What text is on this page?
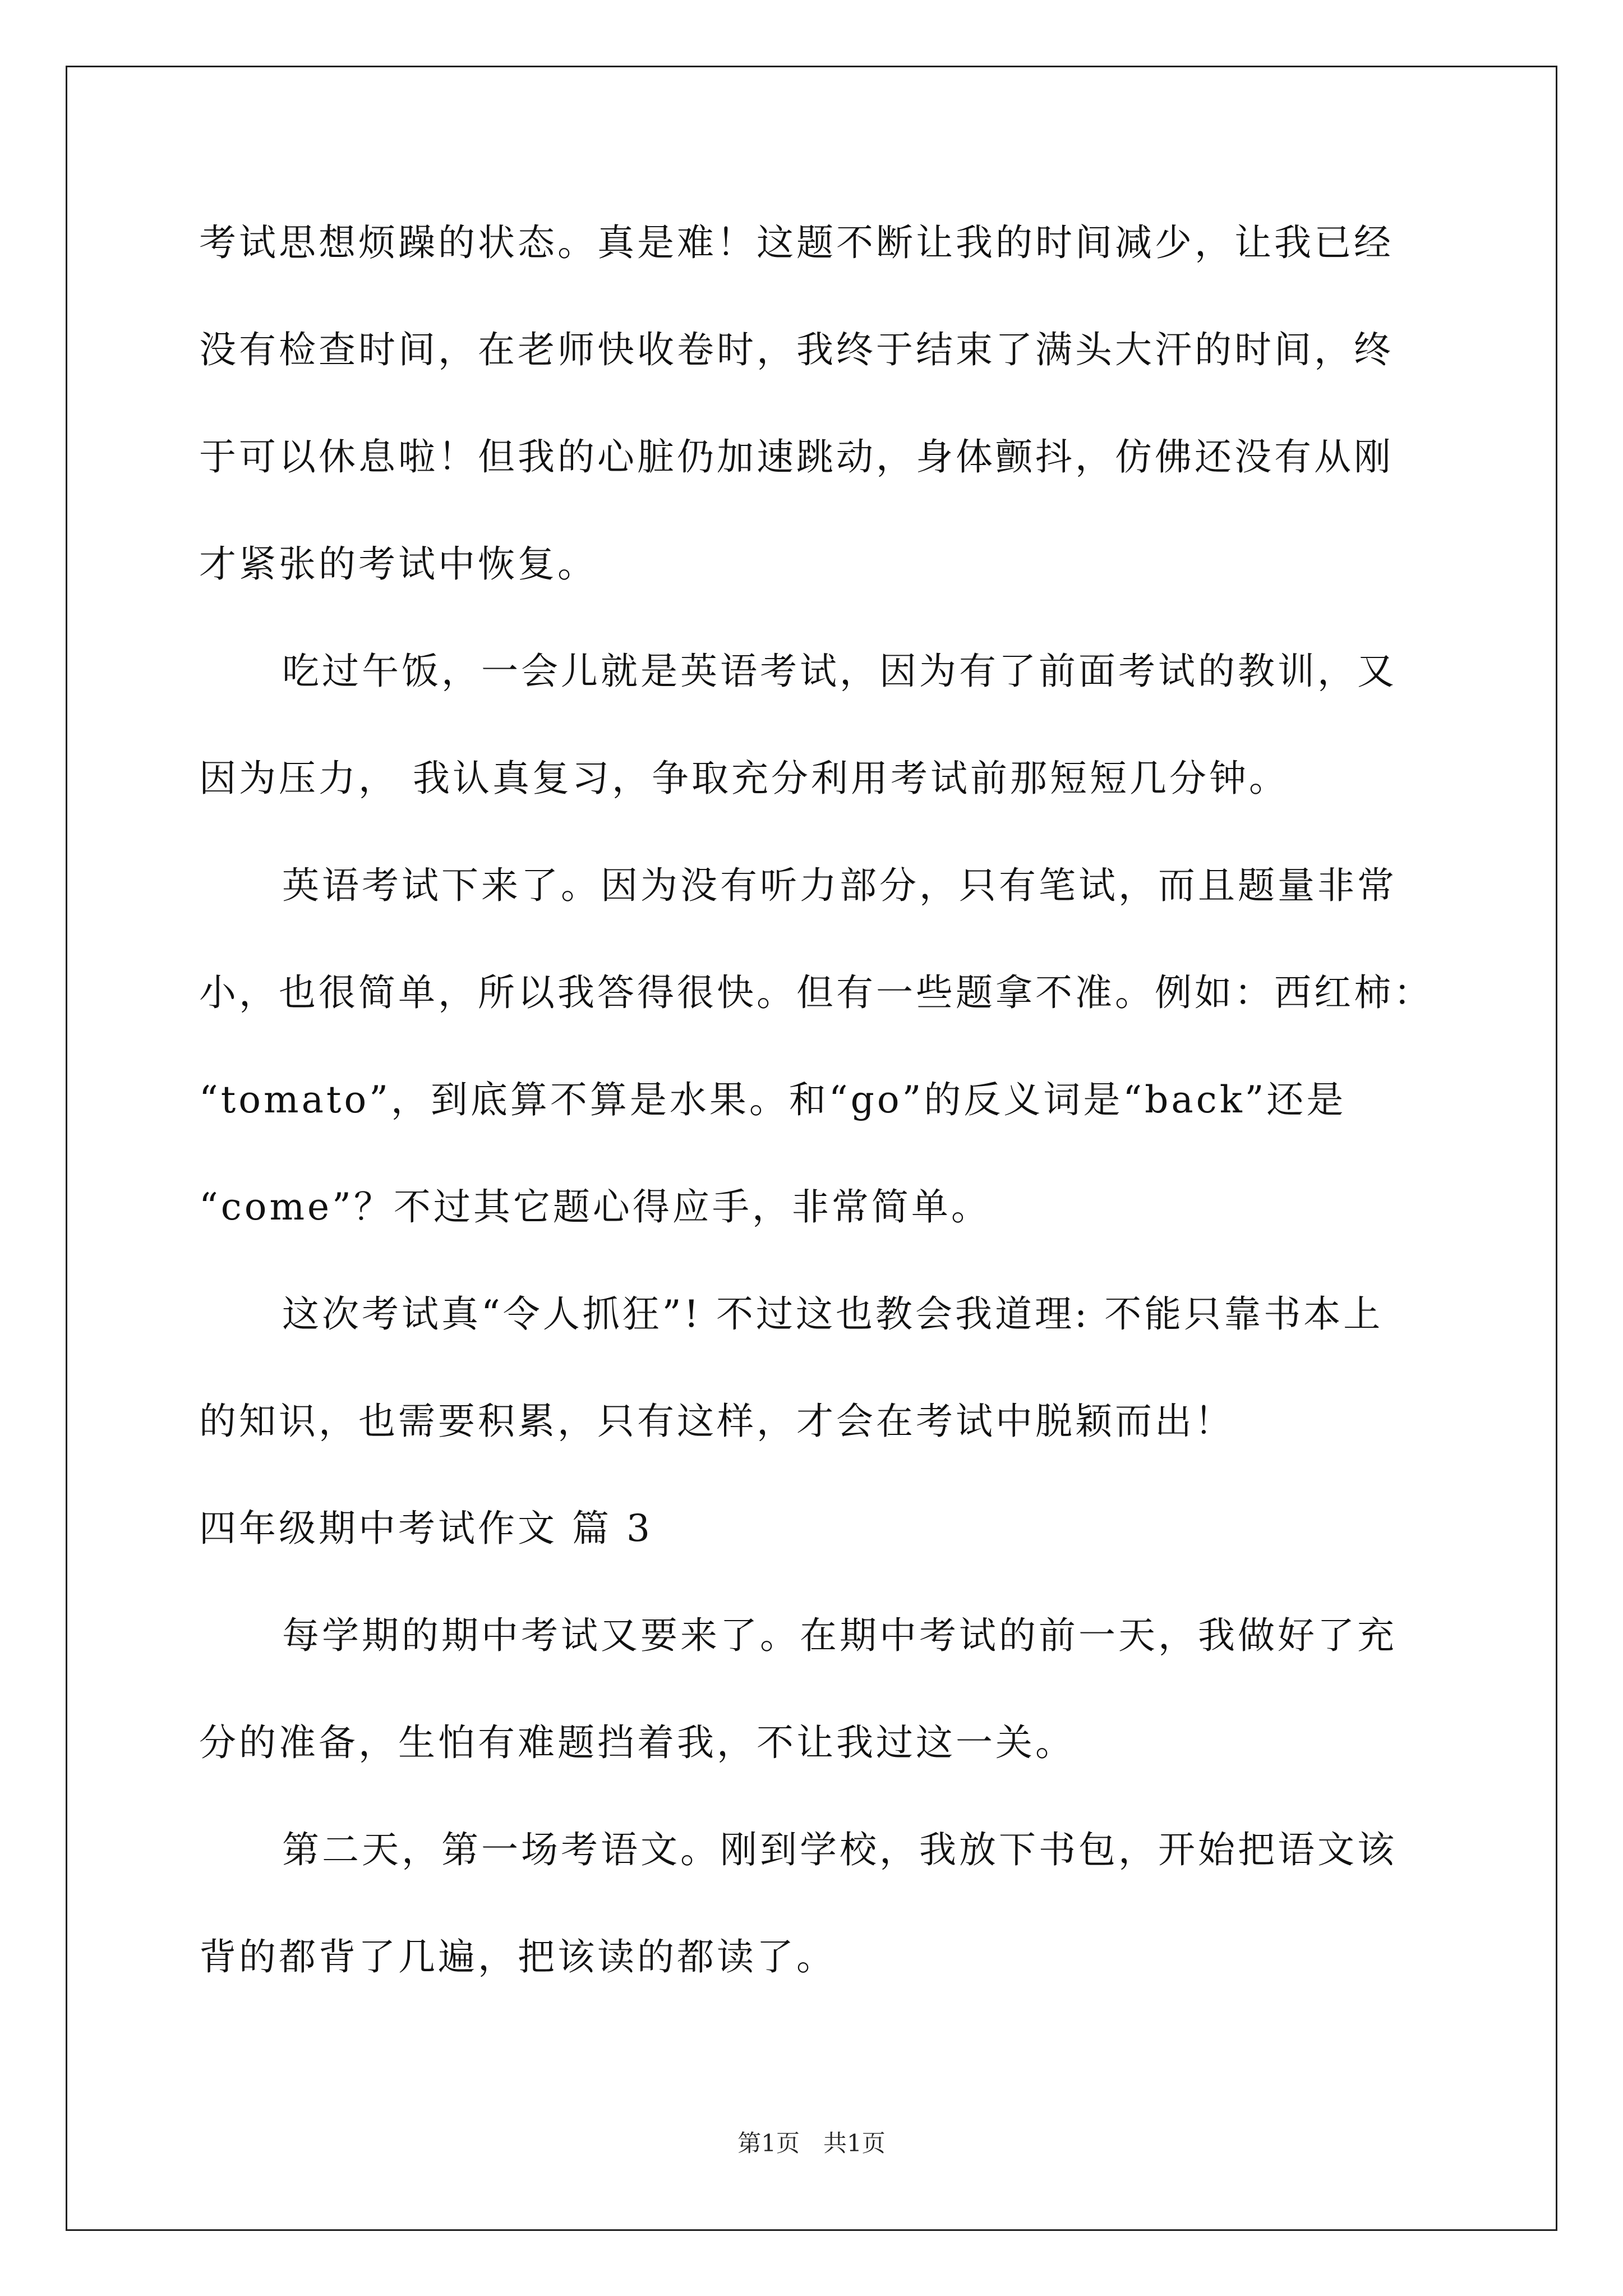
考试思想烦躁的状态。真是难！这题不断让我的时间减少，让我已经
没有检查时间，在老师快收卷时，我终于结束了满头大汗的时间，终
于可以休息啦！但我的心脏仍加速跳动，身体颤抖，仿佛还没有从刚
才紧张的考试中恢复。
吃过午饭，一会儿就是英语考试，因为有了前面考试的教训，又
因为压力， 我认真复习，争取充分利用考试前那短短几分钟。
英语考试下来了。因为没有听力部分，只有笔试，而且题量非常
小，也很简单，所以我答得很快。但有一些题拿不准。例如：西红柿：
“tomato”，到底算不算是水果。和“go”的反义词是“back”还是
“come”？不过其它题心得应手，非常简单。
这次考试真“令人抓狂”! 不过这也教会我道理: 不能只靠书本上
的知识，也需要积累，只有这样，才会在考试中脱颖而出！
四年级期中考试作文 篇 3
每学期的期中考试又要来了。在期中考试的前一天，我做好了充
分的准备，生怕有难题挡着我，不让我过这一关。
第二天，第一场考语文。刚到学校，我放下书包，开始把语文该
背的都背了几遍，把该读的都读了。
第1页　共1页
